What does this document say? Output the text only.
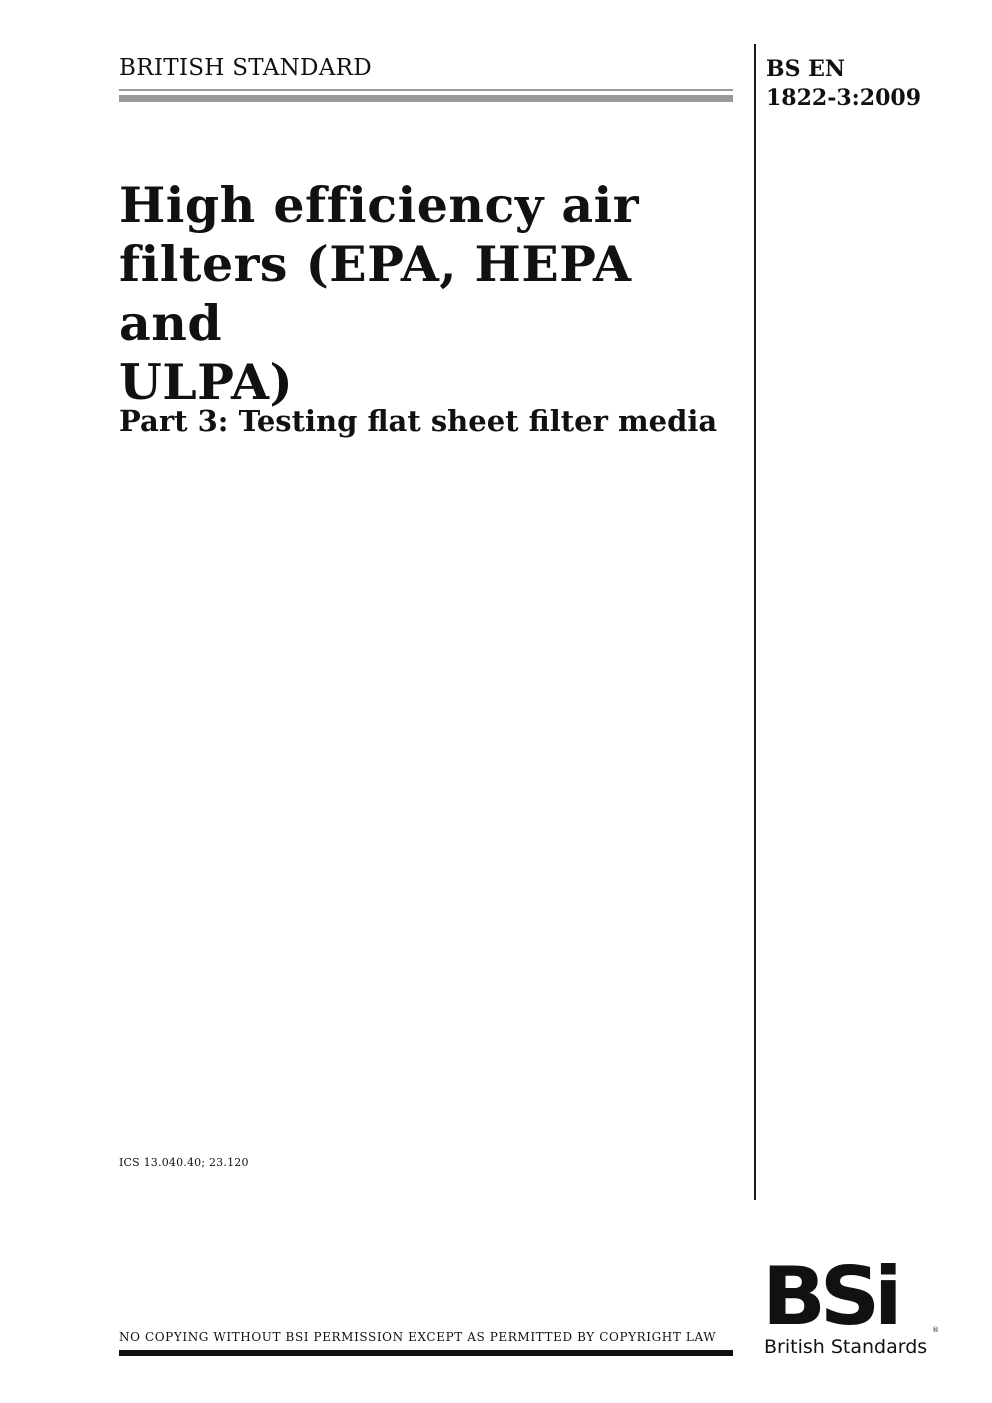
BRITISH STANDARD	BS EN
1822-3:2009
High efficiency air
filters (EPA, HEPA and
ULPA)
Part 3: Testing flat sheet filter media
ICS 13.040.40; 23.120
BSi	®
British Standards
NO COPYING WITHOUT BSI PERMISSION EXCEPT AS PERMITTED BY COPYRIGHT LAW
